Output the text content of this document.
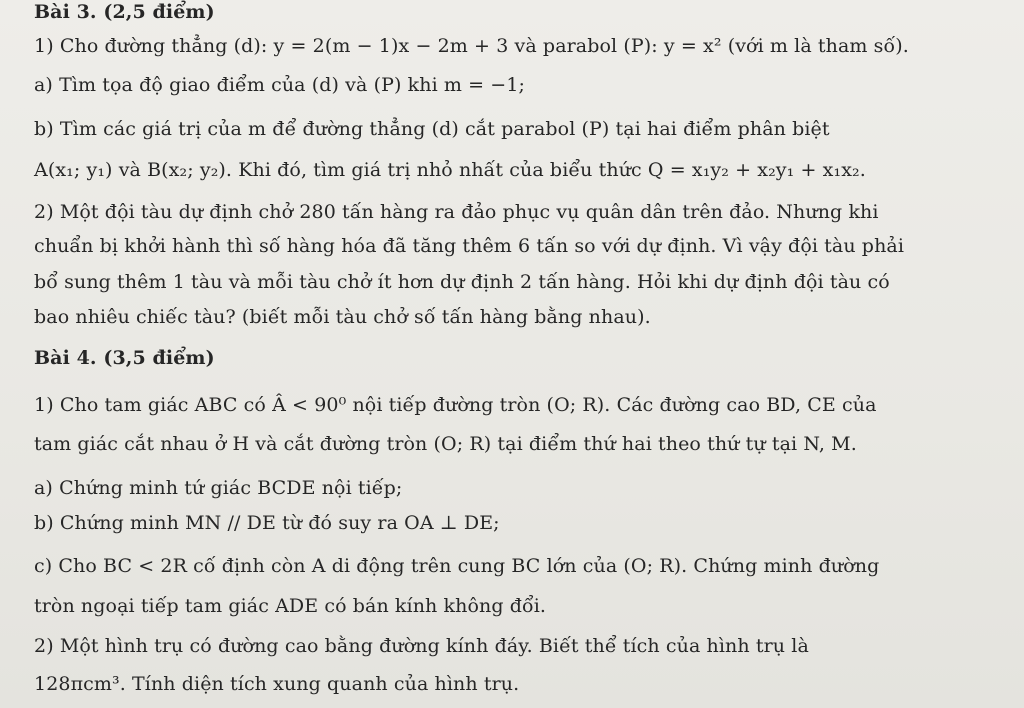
Bài 3. (2,5 điểm)
1) Cho đường thẳng (d): y = 2(m − 1)x − 2m + 3 và parabol (P): y = x² (với m là tham số).
a) Tìm tọa độ giao điểm của (d) và (P) khi m = −1;
b) Tìm các giá trị của m để đường thẳng (d) cắt parabol (P) tại hai điểm phân biệt
A(x₁; y₁) và B(x₂; y₂). Khi đó, tìm giá trị nhỏ nhất của biểu thức Q = x₁y₂ + x₂y₁ + x₁x₂.
2) Một đội tàu dự định chở 280 tấn hàng ra đảo phục vụ quân dân trên đảo. Nhưng khi
chuẩn bị khởi hành thì số hàng hóa đã tăng thêm 6 tấn so với dự định. Vì vậy đội tàu phải
bổ sung thêm 1 tàu và mỗi tàu chở ít hơn dự định 2 tấn hàng. Hỏi khi dự định đội tàu có
bao nhiêu chiếc tàu? (biết mỗi tàu chở số tấn hàng bằng nhau).
Bài 4. (3,5 điểm)
1) Cho tam giác ABC có Â < 90⁰ nội tiếp đường tròn (O; R). Các đường cao BD, CE của
tam giác cắt nhau ở H và cắt đường tròn (O; R) tại điểm thứ hai theo thứ tự tại N, M.
a) Chứng minh tứ giác BCDE nội tiếp;
b) Chứng minh MN // DE từ đó suy ra OA ⊥ DE;
c) Cho BC < 2R cố định còn A di động trên cung BC lớn của (O; R). Chứng minh đường
tròn ngoại tiếp tam giác ADE có bán kính không đổi.
2) Một hình trụ có đường cao bằng đường kính đáy. Biết thể tích của hình trụ là
128πcm³. Tính diện tích xung quanh của hình trụ.
